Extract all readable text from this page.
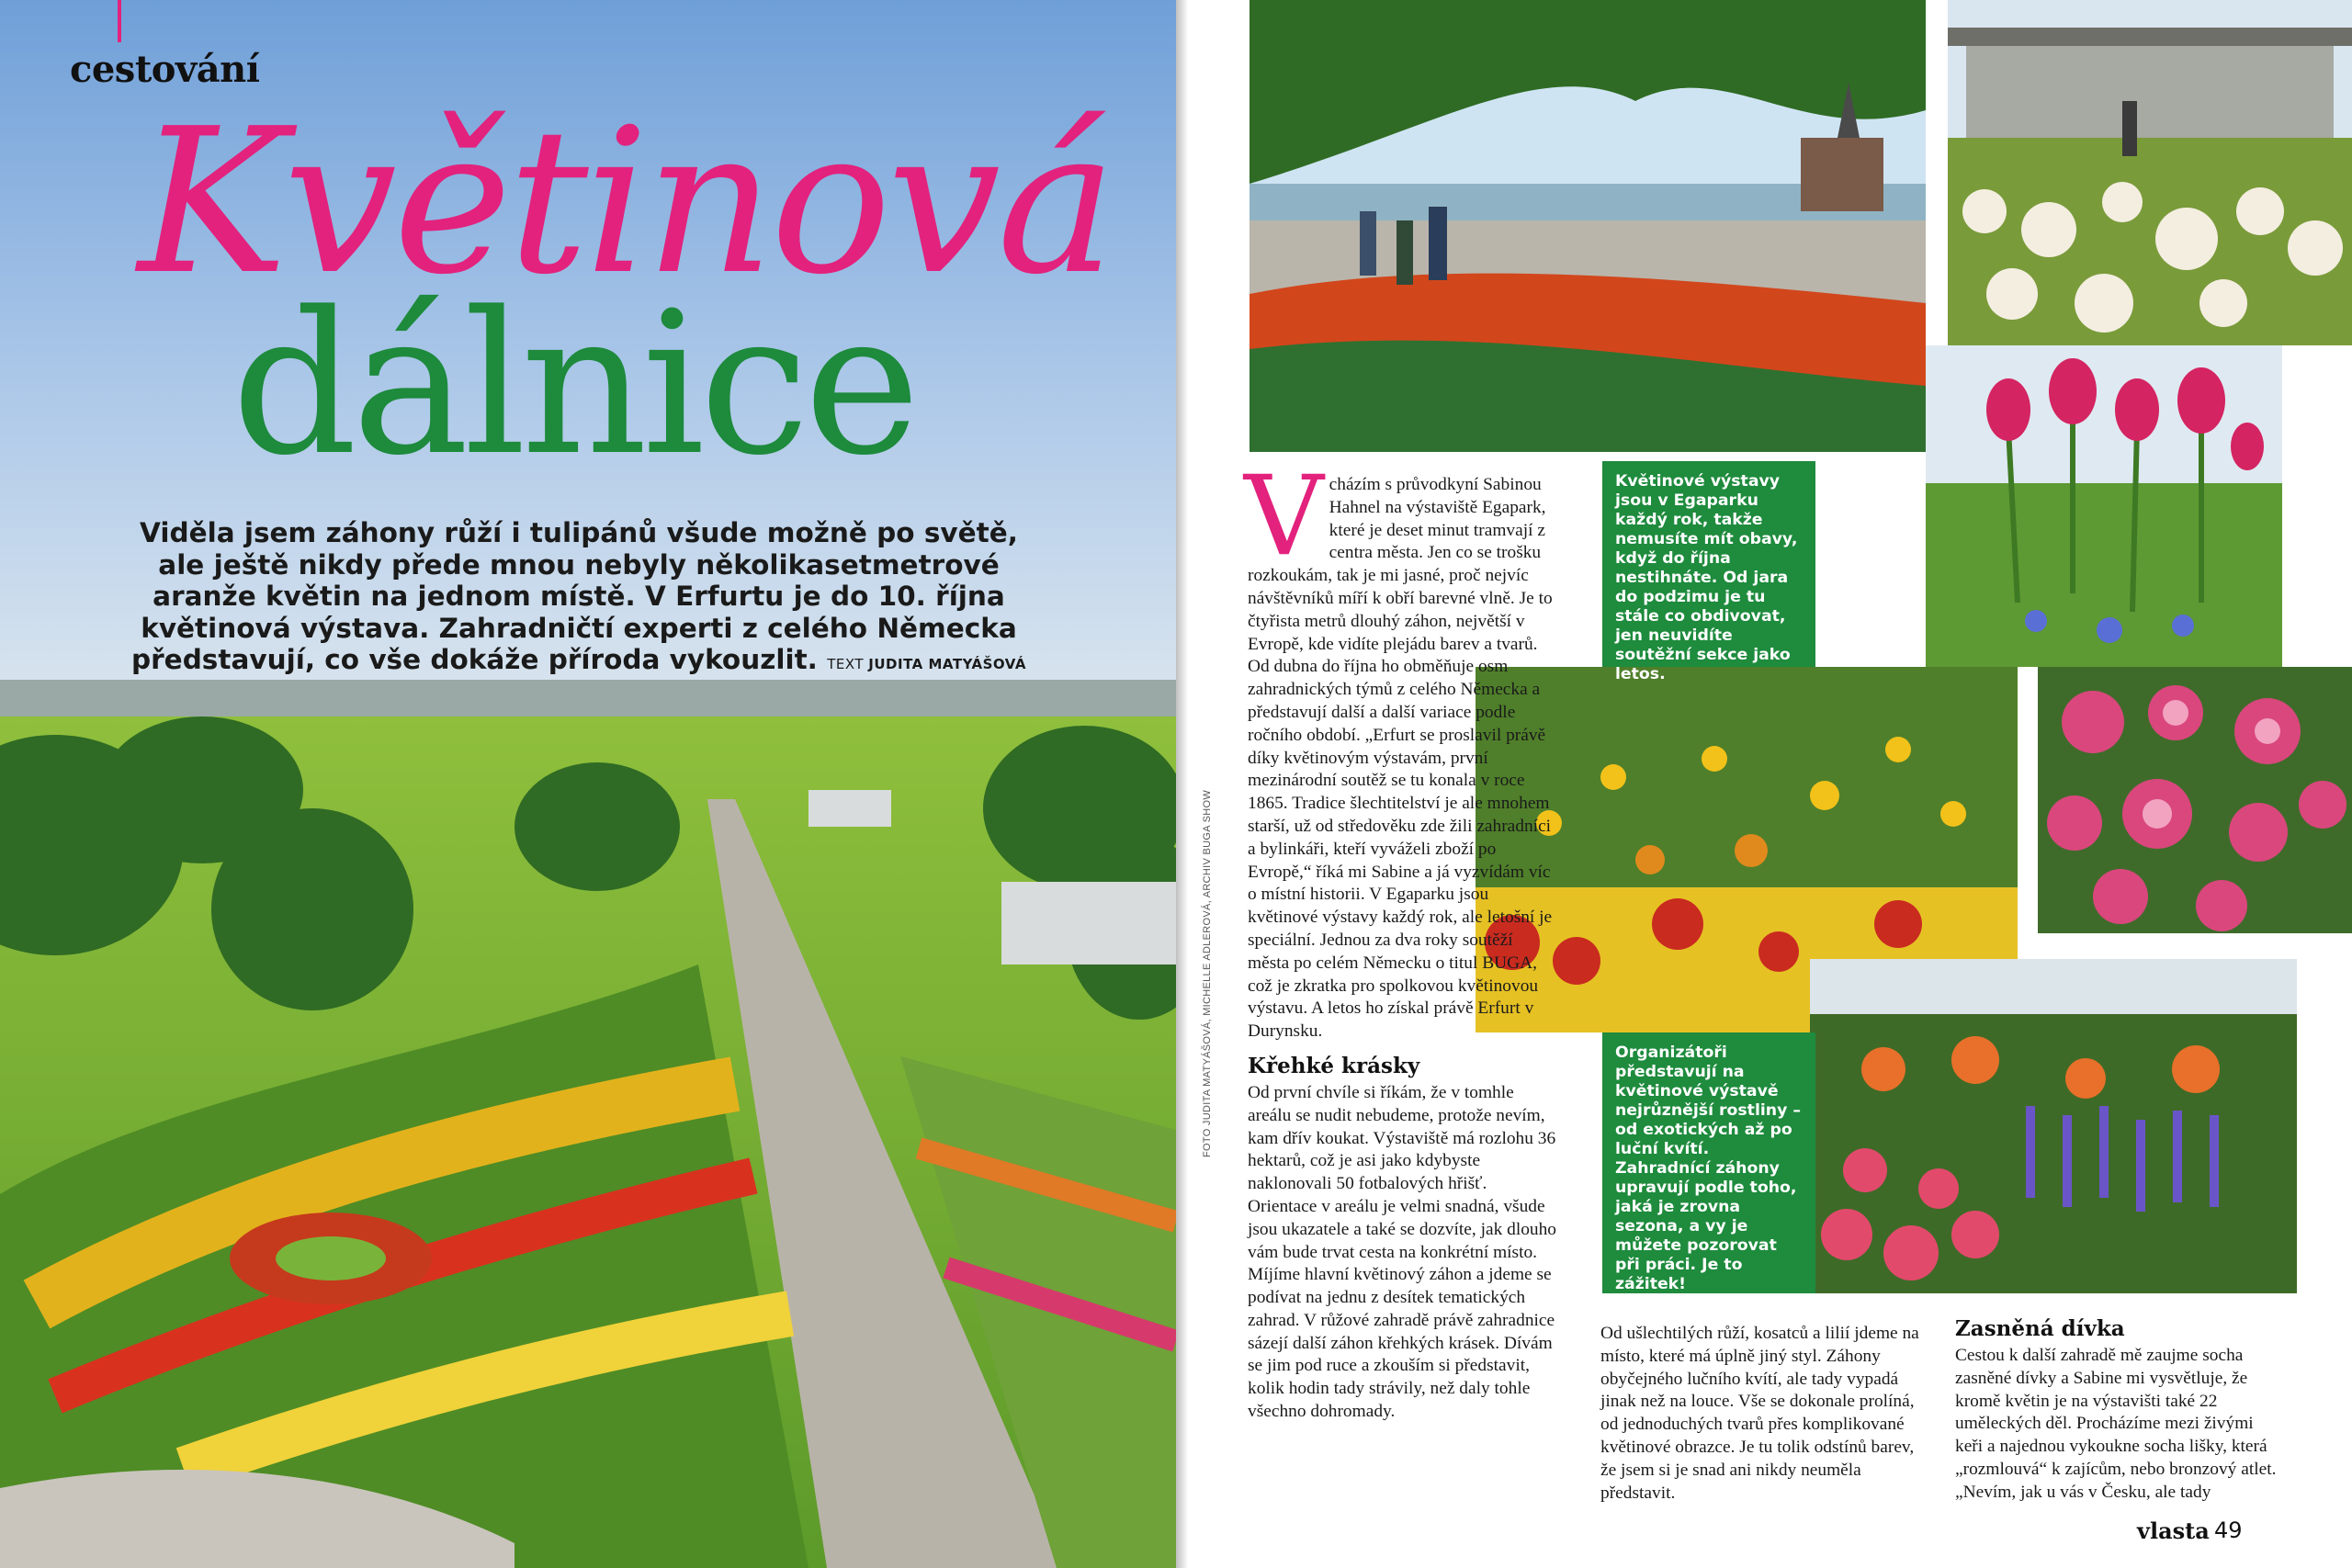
cestování
Květinová
dálnice
Viděla jsem záhony růží i tulipánů všude možně po světě, ale ještě nikdy přede mnou nebyly několikasetmetrové aranže květin na jednom místě. V Erfurtu je do 10. října květinová výstava. Zahradničtí experti z celého Německa představují, co vše dokáže příroda vykouzlit. TEXT JUDITA MATYÁŠOVÁ
Květinové výstavy jsou v Egaparku každý rok, takže nemusíte mít obavy, když do října nestihnáte. Od jara do podzimu je tu stále co obdivovat, jen neuvidíte soutěžní sekce jako letos.
Organizátoři představují na květinové výstavě nejrůznější rostliny – od exotických až po luční kvítí. Zahradnící záhony upravují podle toho, jaká je zrovna sezona, a vy je můžete pozorovat při práci. Je to zážitek!
FOTO JUDITA MATYÁŠOVÁ, MICHELLE ADLEROVÁ, ARCHIV BUGA SHOW
V cházím s průvodkyní Sabinou Hahnel na výstaviště Egapark, které je deset minut tramvají z centra města. Jen co se trošku rozkoukám, tak je mi jasné, proč nejvíc návštěvníků míří k obří barevné vlně. Je to čtyřista metrů dlouhý záhon, největší v Evropě, kde vidíte plejádu barev a tvarů. Od dubna do října ho obměňuje osm zahradnických týmů z celého Německa a představují další a další variace podle ročního období. „Erfurt se proslavil právě díky květinovým výstavám, první mezinárodní soutěž se tu konala v roce 1865. Tradice šlechtitelství je ale mnohem starší, už od středověku zde žili zahradníci a bylinkáři, kteří vyváželi zboží po Evropě,“ říká mi Sabine a já vyzvídám víc o místní historii. V Egaparku jsou květinové výstavy každý rok, ale letošní je speciální. Jednou za dva roky soutěží města po celém Německu o titul BUGA, což je zkratka pro spolkovou květinovou výstavu. A letos ho získal právě Erfurt v Durynsku.

Křehké krásky

Od první chvíle si říkám, že v tomhle areálu se nudit nebudeme, protože nevím, kam dřív koukat. Výstaviště má rozlohu 36 hektarů, což je asi jako kdybyste naklonovali 50 fotbalových hřišť. Orientace v areálu je velmi snadná, všude jsou ukazatele a také se dozvíte, jak dlouho vám bude trvat cesta na konkrétní místo. Míjíme hlavní květinový záhon a jdeme se podívat na jednu z desítek tematických zahrad. V růžové zahradě právě zahradnice sázejí další záhon křehkých krásek. Dívám se jim pod ruce a zkouším si představit, kolik hodin tady strávily, než daly tohle všechno dohromady.

Od ušlechtilých růží, kosatců a lilií jdeme na místo, které má úplně jiný styl. Záhony obyčejného lučního kvítí, ale tady vypadá jinak než na louce. Vše se dokonale prolíná, od jednoduchých tvarů přes komplikované květinové obrazce. Je tu tolik odstínů barev, že jsem si je snad ani nikdy neuměla představit.

Zasněná dívka

Cestou k další zahradě mě zaujme socha zasněné dívky a Sabine mi vysvětluje, že kromě květin je na výstavišti také 22 uměleckých děl. Procházíme mezi živými keři a najednou vykoukne socha lišky, která „rozmlouvá“ k zajícům, nebo bronzový atlet. „Nevím, jak u vás v Česku, ale tady

vlasta 49
